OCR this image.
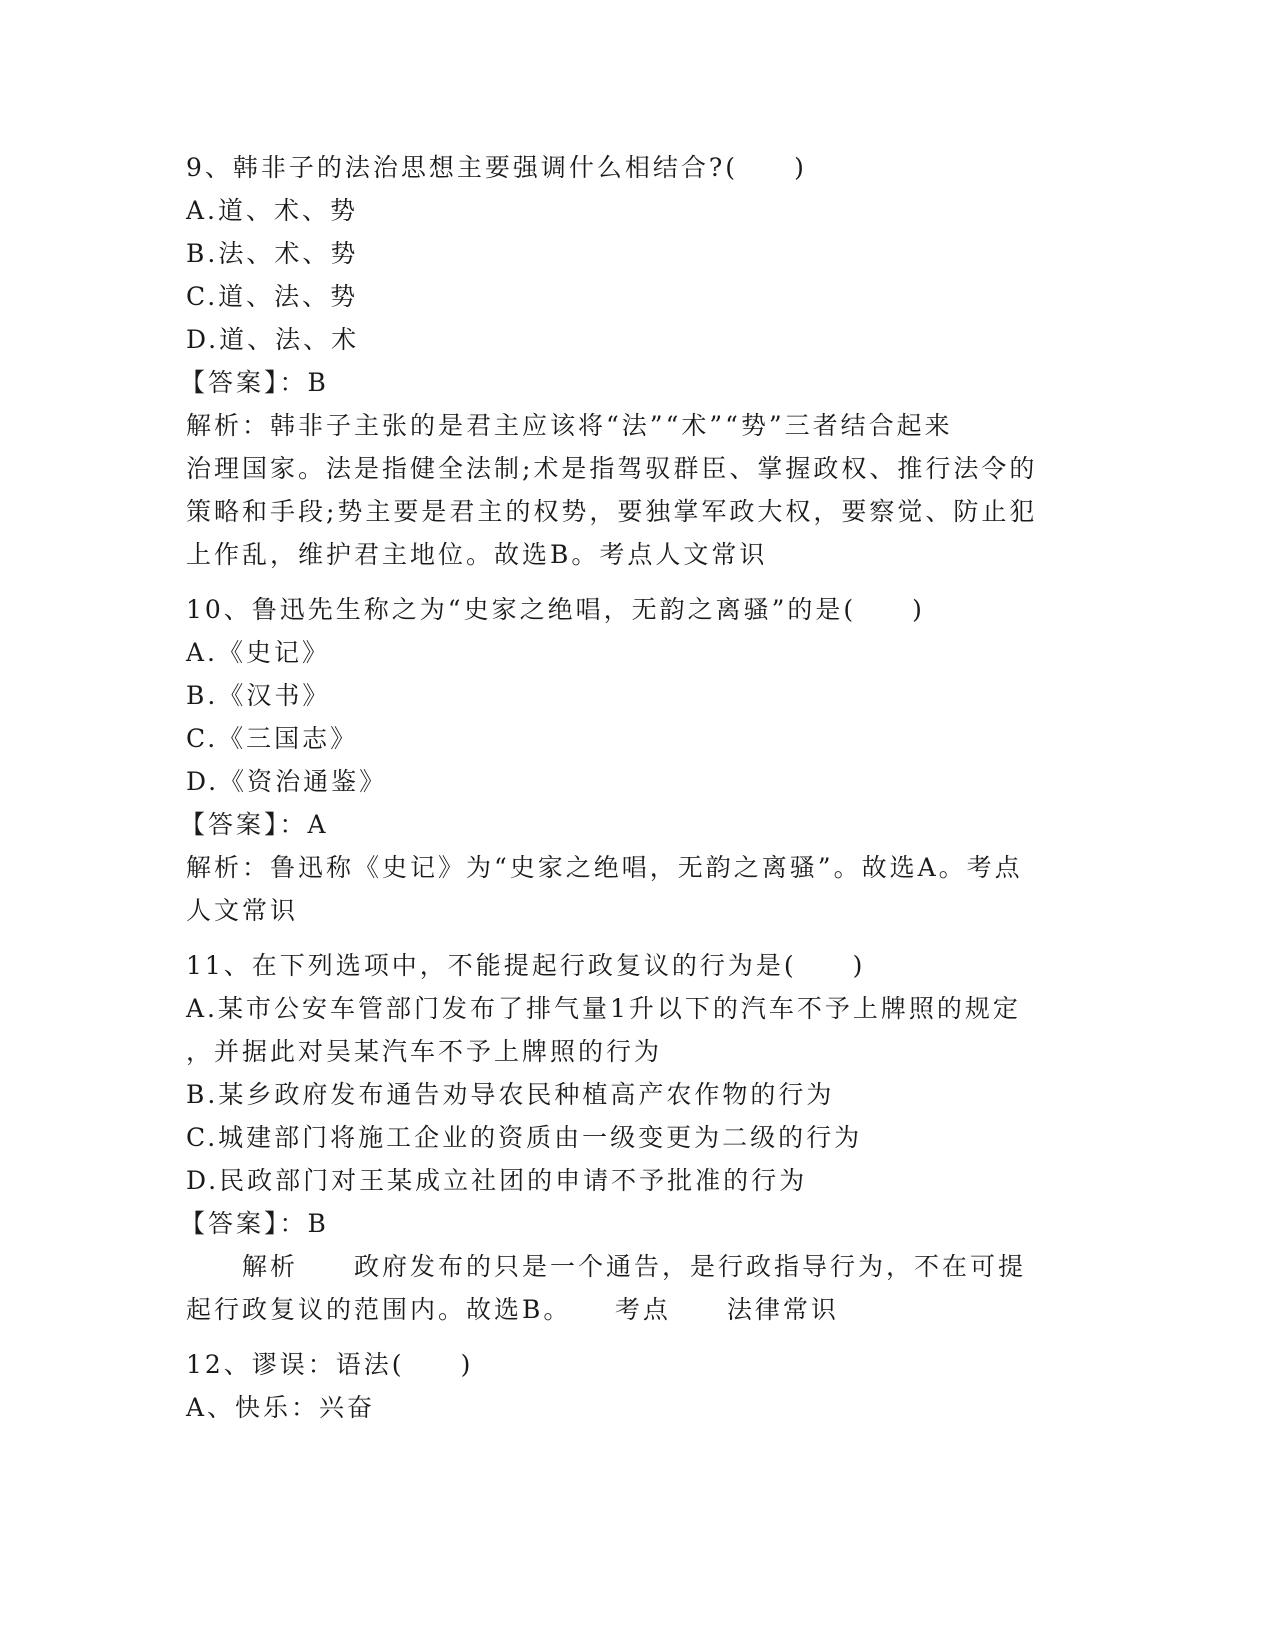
9、韩非子的法治思想主要强调什么相结合?(　　)
A.道、术、势
B.法、术、势
C.道、法、势
D.道、法、术
【答案】：B
解析：韩非子主张的是君主应该将“法”“术”“势”三者结合起来
治理国家。法是指健全法制;术是指驾驭群臣、掌握政权、推行法令的
策略和手段;势主要是君主的权势，要独掌军政大权，要察觉、防止犯
上作乱，维护君主地位。故选B。考点人文常识
10、鲁迅先生称之为“史家之绝唱，无韵之离骚”的是(　　)
A.《史记》
B.《汉书》
C.《三国志》
D.《资治通鉴》
【答案】：A
解析：鲁迅称《史记》为“史家之绝唱，无韵之离骚”。故选A。考点
人文常识
11、在下列选项中，不能提起行政复议的行为是(　　)
A.某市公安车管部门发布了排气量1升以下的汽车不予上牌照的规定
，并据此对吴某汽车不予上牌照的行为
B.某乡政府发布通告劝导农民种植高产农作物的行为
C.城建部门将施工企业的资质由一级变更为二级的行为
D.民政部门对王某成立社团的申请不予批准的行为
【答案】：B
　　解析　　政府发布的只是一个通告，是行政指导行为，不在可提
起行政复议的范围内。故选B。　　考点　　法律常识
12、谬误：语法(　　)
A、快乐：兴奋
